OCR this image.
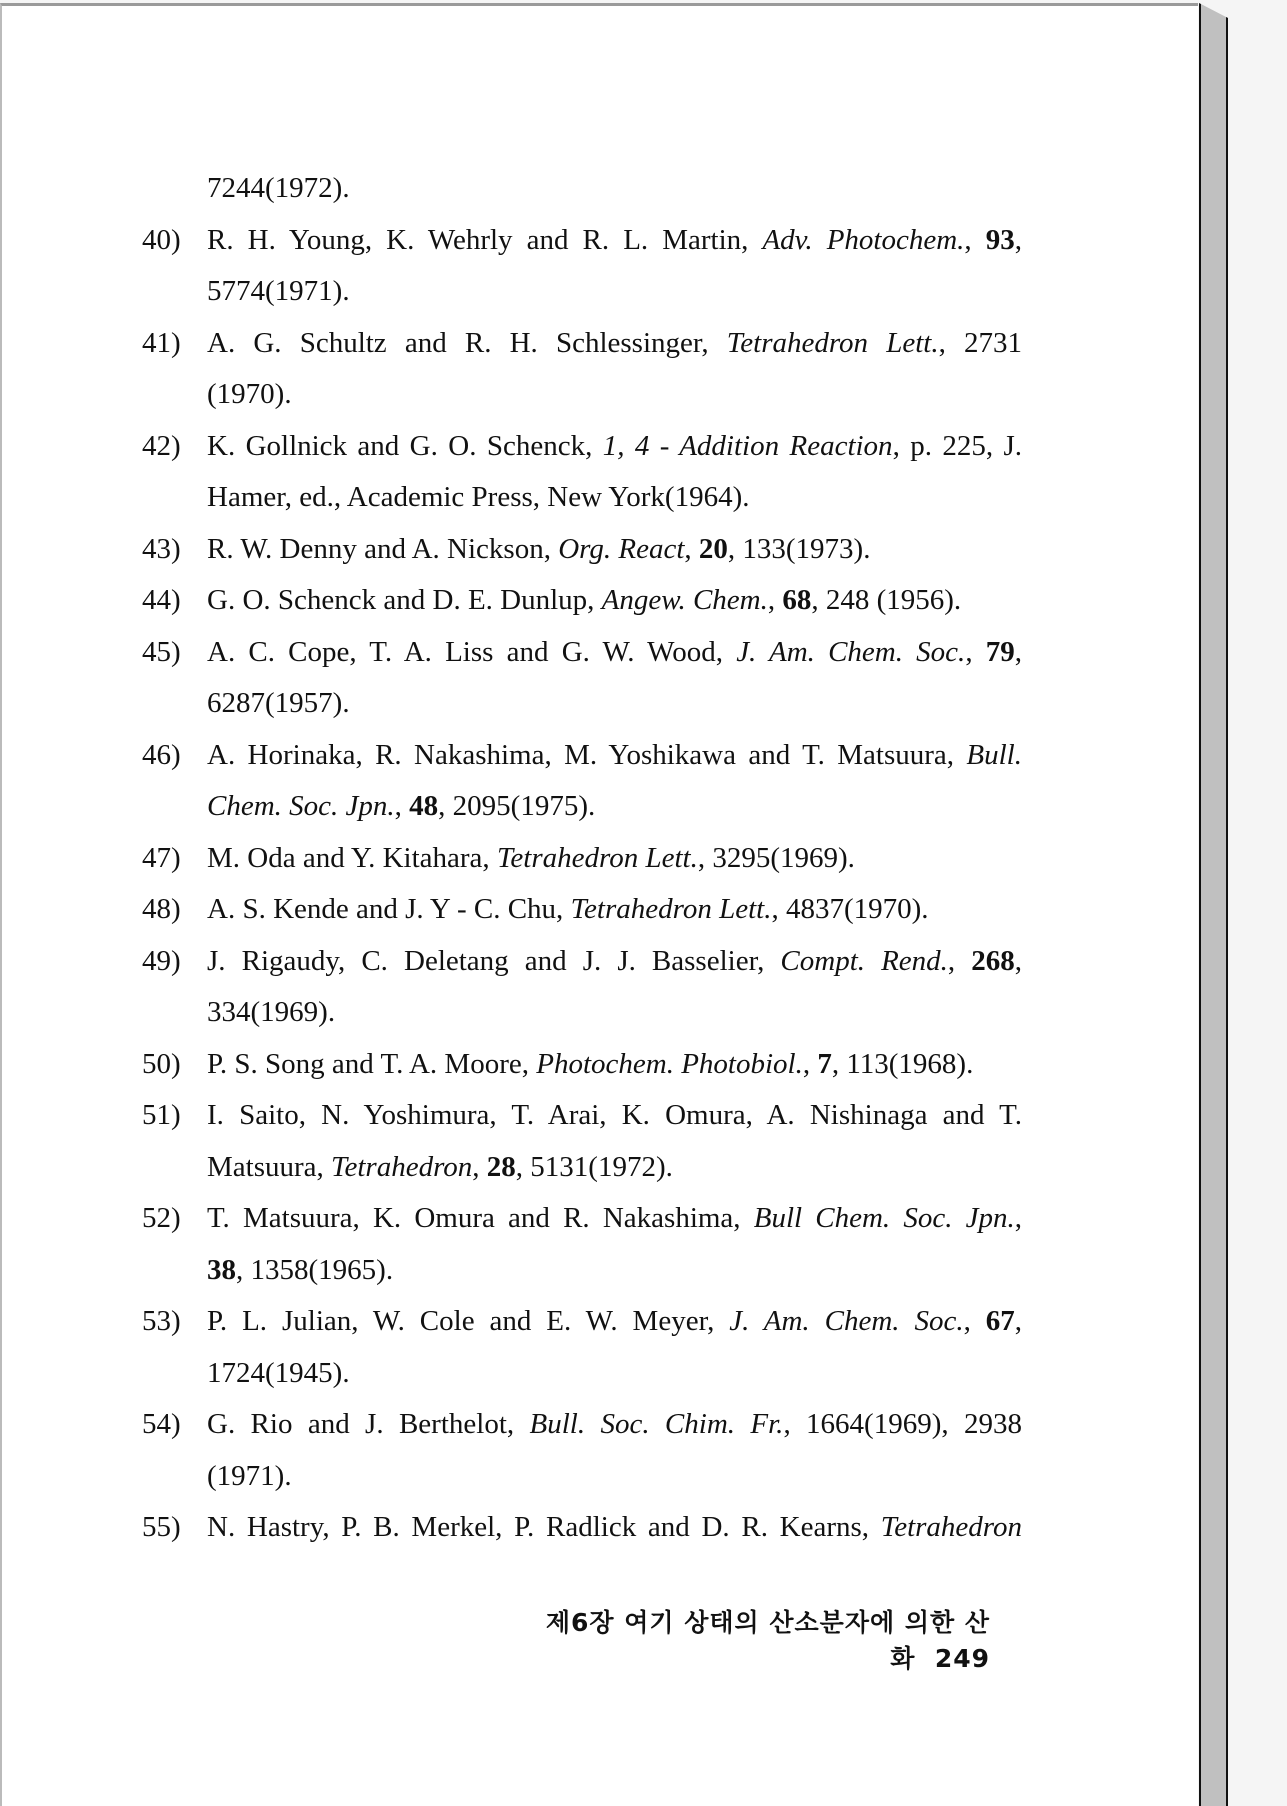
7244(1972).
40) R. H. Young, K. Wehrly and R. L. Martin, Adv. Photochem., 93,
5774(1971).
41) A. G. Schultz and R. H. Schlessinger, Tetrahedron Lett., 2731
(1970).
42) K. Gollnick and G. O. Schenck, 1, 4 - Addition Reaction, p. 225, J.
Hamer, ed., Academic Press, New York(1964).
43) R. W. Denny and A. Nickson, Org. React, 20, 133(1973).
44) G. O. Schenck and D. E. Dunlup, Angew. Chem., 68, 248 (1956).
45) A. C. Cope, T. A. Liss and G. W. Wood, J. Am. Chem. Soc., 79,
6287(1957).
46) A. Horinaka, R. Nakashima, M. Yoshikawa and T. Matsuura, Bull.
Chem. Soc. Jpn., 48, 2095(1975).
47) M. Oda and Y. Kitahara, Tetrahedron Lett., 3295(1969).
48) A. S. Kende and J. Y - C. Chu, Tetrahedron Lett., 4837(1970).
49) J. Rigaudy, C. Deletang and J. J. Basselier, Compt. Rend., 268,
334(1969).
50) P. S. Song and T. A. Moore, Photochem. Photobiol., 7, 113(1968).
51) I. Saito, N. Yoshimura, T. Arai, K. Omura, A. Nishinaga and T.
Matsuura, Tetrahedron, 28, 5131(1972).
52) T. Matsuura, K. Omura and R. Nakashima, Bull Chem. Soc. Jpn.,
38, 1358(1965).
53) P. L. Julian, W. Cole and E. W. Meyer, J. Am. Chem. Soc., 67,
1724(1945).
54) G. Rio and J. Berthelot, Bull. Soc. Chim. Fr., 1664(1969), 2938
(1971).
55) N. Hastry, P. B. Merkel, P. Radlick and D. R. Kearns, Tetrahedron
제6장 여기 상태의 산소분자에 의한 산화 249
